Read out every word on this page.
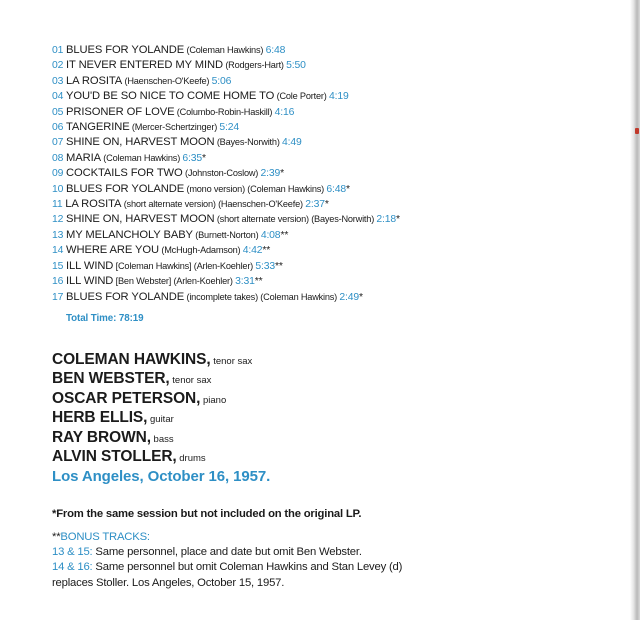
01 BLUES FOR YOLANDE (Coleman Hawkins) 6:48
02 IT NEVER ENTERED MY MIND (Rodgers-Hart) 5:50
03 LA ROSITA (Haenschen-O'Keefe) 5:06
04 YOU'D BE SO NICE TO COME HOME TO (Cole Porter) 4:19
05 PRISONER OF LOVE (Columbo-Robin-Haskill) 4:16
06 TANGERINE (Mercer-Schertzinger) 5:24
07 SHINE ON, HARVEST MOON (Bayes-Norwith) 4:49
08 MARIA (Coleman Hawkins) 6:35*
09 COCKTAILS FOR TWO (Johnston-Coslow) 2:39*
10 BLUES FOR YOLANDE (mono version) (Coleman Hawkins) 6:48*
11 LA ROSITA (short alternate version) (Haenschen-O'Keefe) 2:37*
12 SHINE ON, HARVEST MOON (short alternate version) (Bayes-Norwith) 2:18*
13 MY MELANCHOLY BABY (Burnett-Norton) 4:08**
14 WHERE ARE YOU (McHugh-Adamson) 4:42**
15 ILL WIND [Coleman Hawkins] (Arlen-Koehler) 5:33**
16 ILL WIND [Ben Webster] (Arlen-Koehler) 3:31**
17 BLUES FOR YOLANDE (incomplete takes) (Coleman Hawkins) 2:49*
Total Time: 78:19
COLEMAN HAWKINS, tenor sax
BEN WEBSTER, tenor sax
OSCAR PETERSON, piano
HERB ELLIS, guitar
RAY BROWN, bass
ALVIN STOLLER, drums
Los Angeles, October 16, 1957.
*From the same session but not included on the original LP.
**BONUS TRACKS:
13 & 15: Same personnel, place and date but omit Ben Webster.
14 & 16: Same personnel but omit Coleman Hawkins and Stan Levey (d)
replaces Stoller. Los Angeles, October 15, 1957.
